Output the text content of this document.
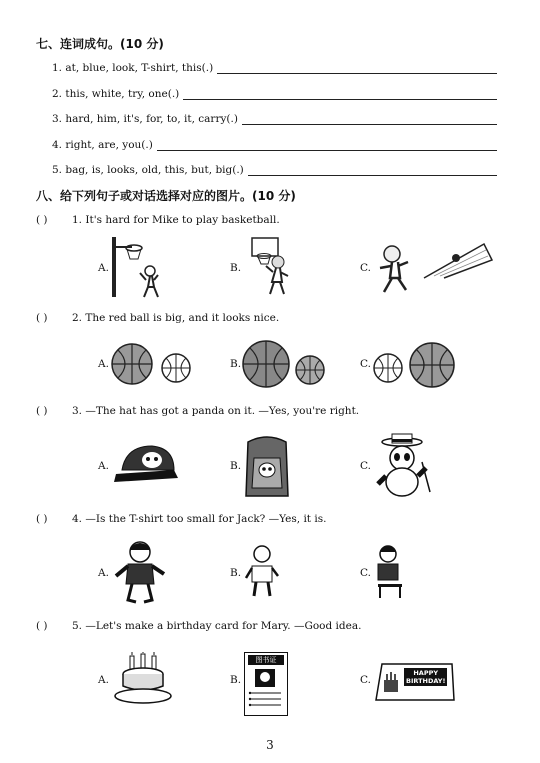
七、连词成句。(10 分)
1. at, blue, look, T-shirt, this(.)
2. this, white, try, one(.)
3. hard, him, it's, for, to, it, carry(.)
4. right, are, you(.)
5. bag, is, looks, old, this, but, big(.)
八、给下列句子或对话选择对应的图片。(10 分)
( ) 1. It's hard for Mike to play basketball.
A.	B.	C.
( ) 2. The red ball is big, and it looks nice.
A.	B.	C.
( ) 3. —The hat has got a panda on it. —Yes, you're right.
A.	B.	C.
( ) 4. —Is the T-shirt too small for Jack? —Yes, it is.
A.	B.	C.
( ) 5. —Let's make a birthday card for Mary. —Good idea.
A.	B.
图书证
C.
HAPPY
BIRTHDAY!
3
